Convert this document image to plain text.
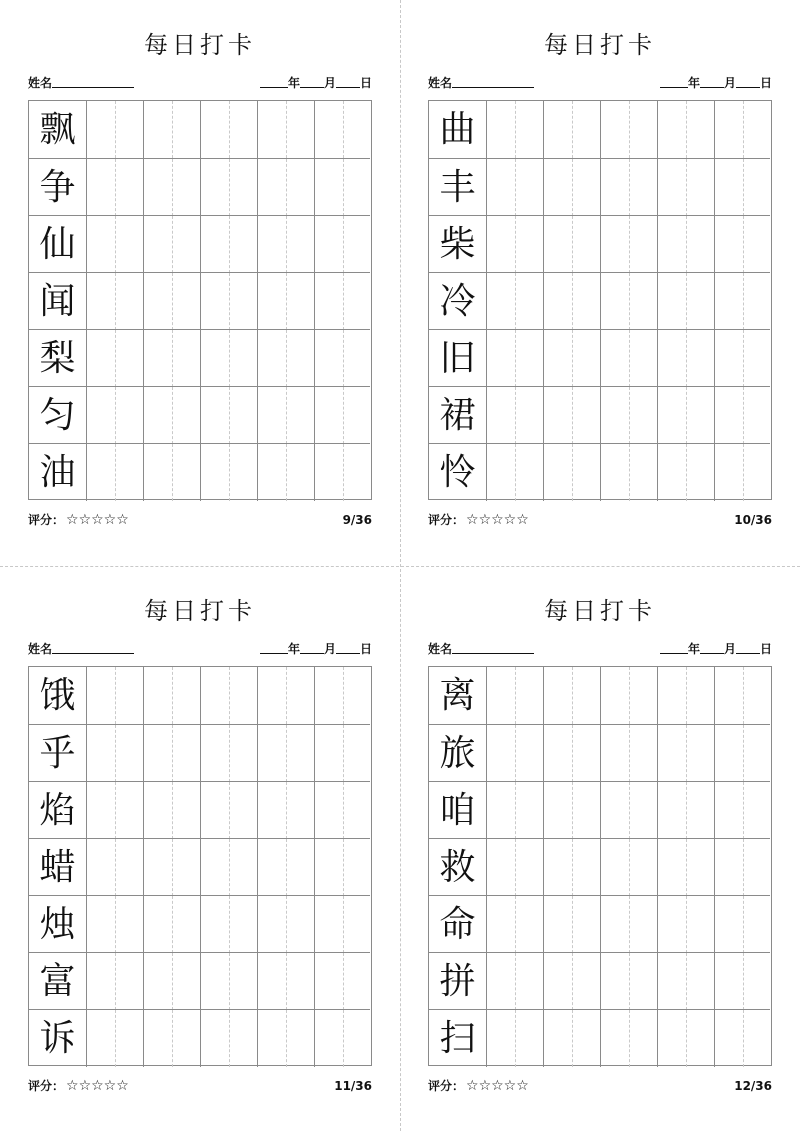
每日打卡
姓名	年 月 日
飘
争
仙
闻
梨
匀
油
评分： ☆☆☆☆☆	9/36
每日打卡
姓名	年 月 日
曲
丰
柴
冷
旧
裙
怜
评分： ☆☆☆☆☆	10/36
每日打卡
姓名	年 月 日
饿
乎
焰
蜡
烛
富
诉
评分： ☆☆☆☆☆	11/36
每日打卡
姓名	年 月 日
离
旅
咱
救
命
拼
扫
评分： ☆☆☆☆☆	12/36
